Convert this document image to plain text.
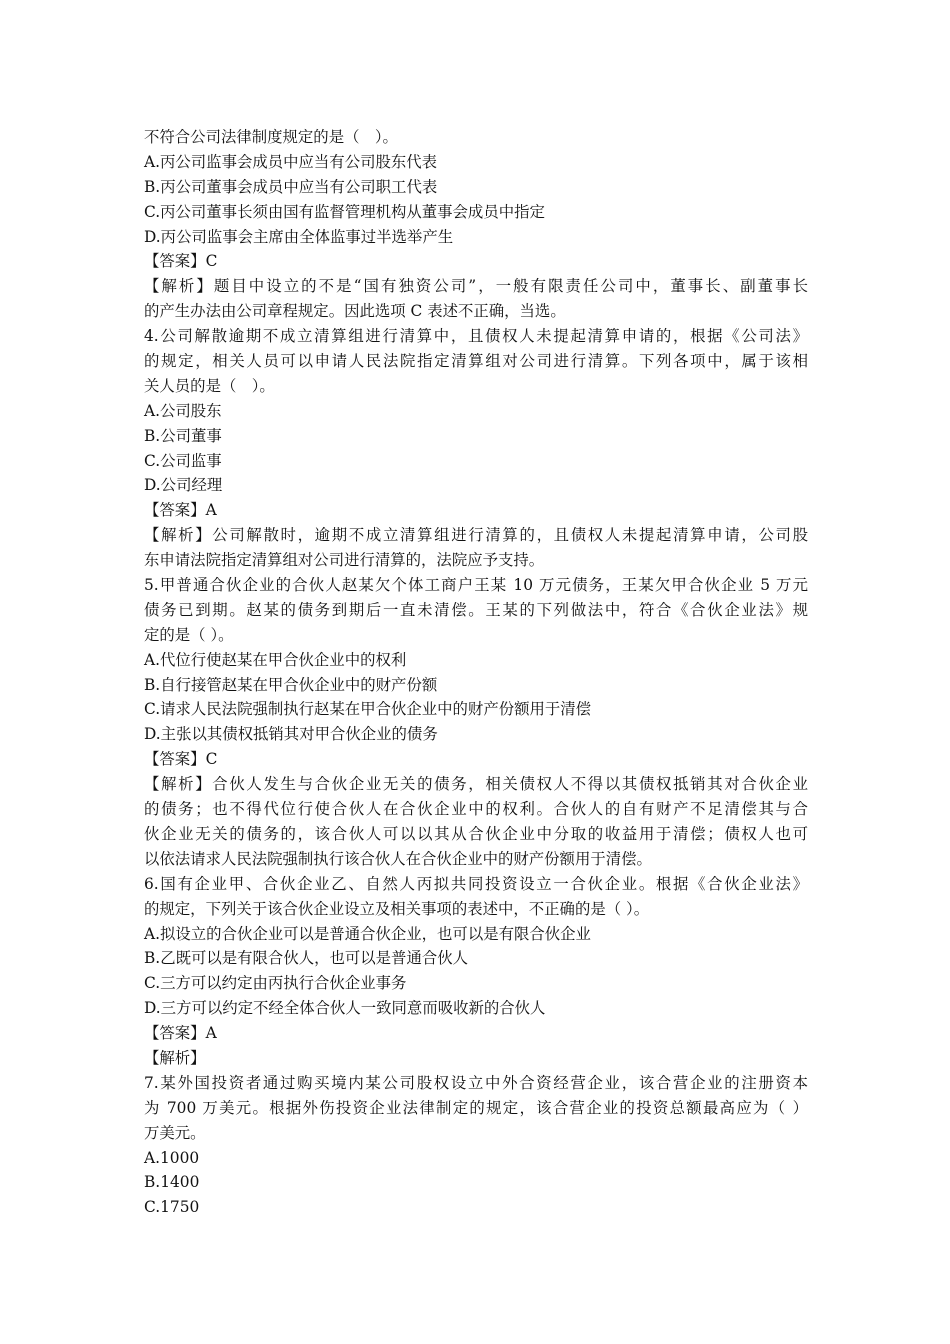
不符合公司法律制度规定的是（　）。
A.丙公司监事会成员中应当有公司股东代表
B.丙公司董事会成员中应当有公司职工代表
C.丙公司董事长须由国有监督管理机构从董事会成员中指定
D.丙公司监事会主席由全体监事过半选举产生
【答案】C
【解析】题目中设立的不是“国有独资公司”，一般有限责任公司中，董事长、副董事长
的产生办法由公司章程规定。因此选项 C 表述不正确，当选。
4.公司解散逾期不成立清算组进行清算中，且债权人未提起清算申请的，根据《公司法》
的规定，相关人员可以申请人民法院指定清算组对公司进行清算。下列各项中，属于该相
关人员的是（　）。
A.公司股东
B.公司董事
C.公司监事
D.公司经理
【答案】A
【解析】公司解散时，逾期不成立清算组进行清算的，且债权人未提起清算申请，公司股
东申请法院指定清算组对公司进行清算的，法院应予支持。
5.甲普通合伙企业的合伙人赵某欠个体工商户王某 10 万元债务，王某欠甲合伙企业 5 万元
债务已到期。赵某的债务到期后一直未清偿。王某的下列做法中，符合《合伙企业法》规
定的是（ ）。
A.代位行使赵某在甲合伙企业中的权利
B.自行接管赵某在甲合伙企业中的财产份额
C.请求人民法院强制执行赵某在甲合伙企业中的财产份额用于清偿
D.主张以其债权抵销其对甲合伙企业的债务
【答案】C
【解析】合伙人发生与合伙企业无关的债务，相关债权人不得以其债权抵销其对合伙企业
的债务；也不得代位行使合伙人在合伙企业中的权利。合伙人的自有财产不足清偿其与合
伙企业无关的债务的，该合伙人可以以其从合伙企业中分取的收益用于清偿；债权人也可
以依法请求人民法院强制执行该合伙人在合伙企业中的财产份额用于清偿。
6.国有企业甲、合伙企业乙、自然人丙拟共同投资设立一合伙企业。根据《合伙企业法》
的规定，下列关于该合伙企业设立及相关事项的表述中，不正确的是（ ）。
A.拟设立的合伙企业可以是普通合伙企业，也可以是有限合伙企业
B.乙既可以是有限合伙人，也可以是普通合伙人
C.三方可以约定由丙执行合伙企业事务
D.三方可以约定不经全体合伙人一致同意而吸收新的合伙人
【答案】A
【解析】
7.某外国投资者通过购买境内某公司股权设立中外合资经营企业，该合营企业的注册资本
为 700 万美元。根据外伤投资企业法律制定的规定，该合营企业的投资总额最高应为（ ）
万美元。
A.1000
B.1400
C.1750
